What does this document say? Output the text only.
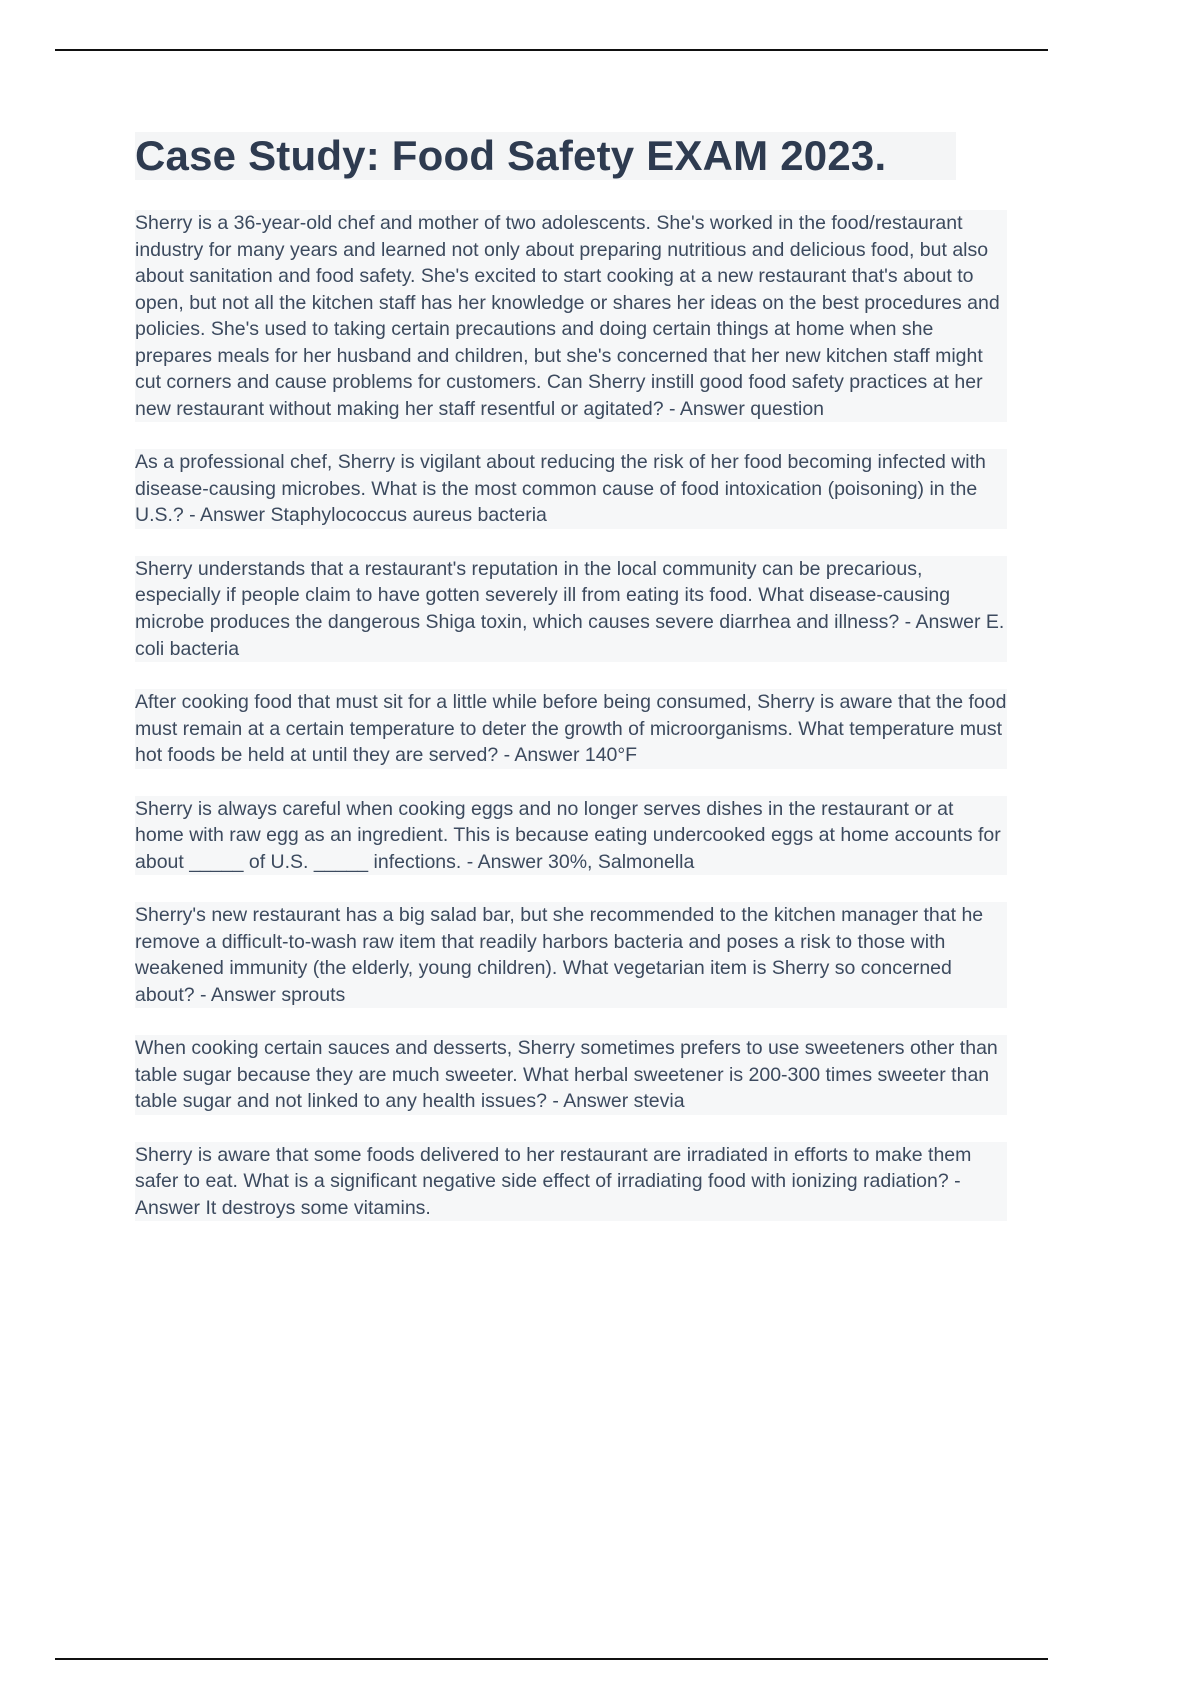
Case Study: Food Safety EXAM 2023.

Sherry is a 36-year-old chef and mother of two adolescents. She's worked in the food/restaurant industry for many years and learned not only about preparing nutritious and delicious food, but also about sanitation and food safety. She's excited to start cooking at a new restaurant that's about to open, but not all the kitchen staff has her knowledge or shares her ideas on the best procedures and policies. She's used to taking certain precautions and doing certain things at home when she prepares meals for her husband and children, but she's concerned that her new kitchen staff might cut corners and cause problems for customers. Can Sherry instill good food safety practices at her new restaurant without making her staff resentful or agitated? - Answer question

As a professional chef, Sherry is vigilant about reducing the risk of her food becoming infected with disease-causing microbes. What is the most common cause of food intoxication (poisoning) in the U.S.? - Answer Staphylococcus aureus bacteria

Sherry understands that a restaurant's reputation in the local community can be precarious, especially if people claim to have gotten severely ill from eating its food. What disease-causing microbe produces the dangerous Shiga toxin, which causes severe diarrhea and illness? - Answer E. coli bacteria

After cooking food that must sit for a little while before being consumed, Sherry is aware that the food must remain at a certain temperature to deter the growth of microorganisms. What temperature must hot foods be held at until they are served? - Answer 140°F

Sherry is always careful when cooking eggs and no longer serves dishes in the restaurant or at home with raw egg as an ingredient. This is because eating undercooked eggs at home accounts for about _____ of U.S. _____ infections. - Answer 30%, Salmonella

Sherry's new restaurant has a big salad bar, but she recommended to the kitchen manager that he remove a difficult-to-wash raw item that readily harbors bacteria and poses a risk to those with weakened immunity (the elderly, young children). What vegetarian item is Sherry so concerned about? - Answer sprouts

When cooking certain sauces and desserts, Sherry sometimes prefers to use sweeteners other than table sugar because they are much sweeter. What herbal sweetener is 200-300 times sweeter than table sugar and not linked to any health issues? - Answer stevia

Sherry is aware that some foods delivered to her restaurant are irradiated in efforts to make them safer to eat. What is a significant negative side effect of irradiating food with ionizing radiation? - Answer It destroys some vitamins.
